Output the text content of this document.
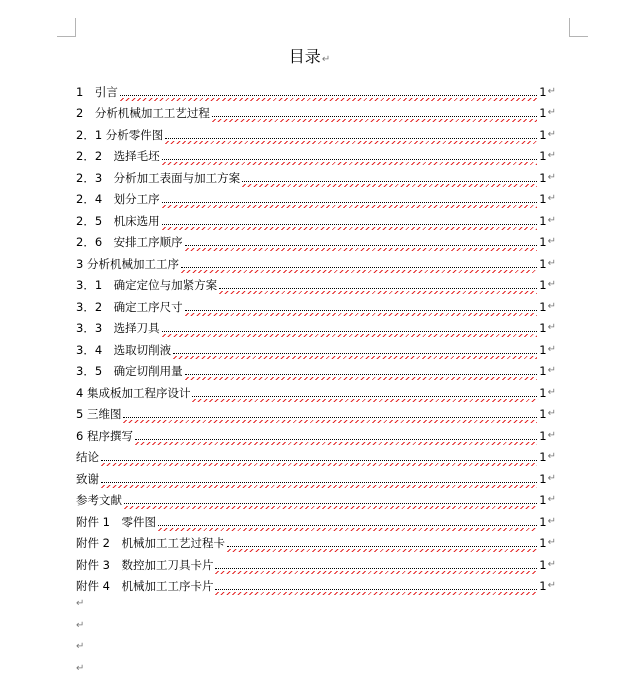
目录↵
1　引言	1 ↵
2　分析机械加工工艺过程	1 ↵
2．1 分析零件图	1 ↵
2．2　选择毛坯	1 ↵
2．3　分析加工表面与加工方案	1 ↵
2．4　划分工序	1 ↵
2．5　机床选用	1 ↵
2．6　安排工序顺序	1 ↵
3 分析机械加工工序	1 ↵
3．1　确定定位与加紧方案	1 ↵
3．2　确定工序尺寸	1 ↵
3．3　选择刀具	1 ↵
3．4　选取切削液	1 ↵
3．5　确定切削用量	1 ↵
4 集成板加工程序设计	1 ↵
5 三维图	1 ↵
6 程序撰写	1 ↵
结论	1 ↵
致谢	1 ↵
参考文献	1 ↵
附件 1　零件图	1 ↵
附件 2　机械加工工艺过程卡	1 ↵
附件 3　数控加工刀具卡片	1 ↵
附件 4　机械加工工序卡片	1 ↵
↵
↵
↵
↵
